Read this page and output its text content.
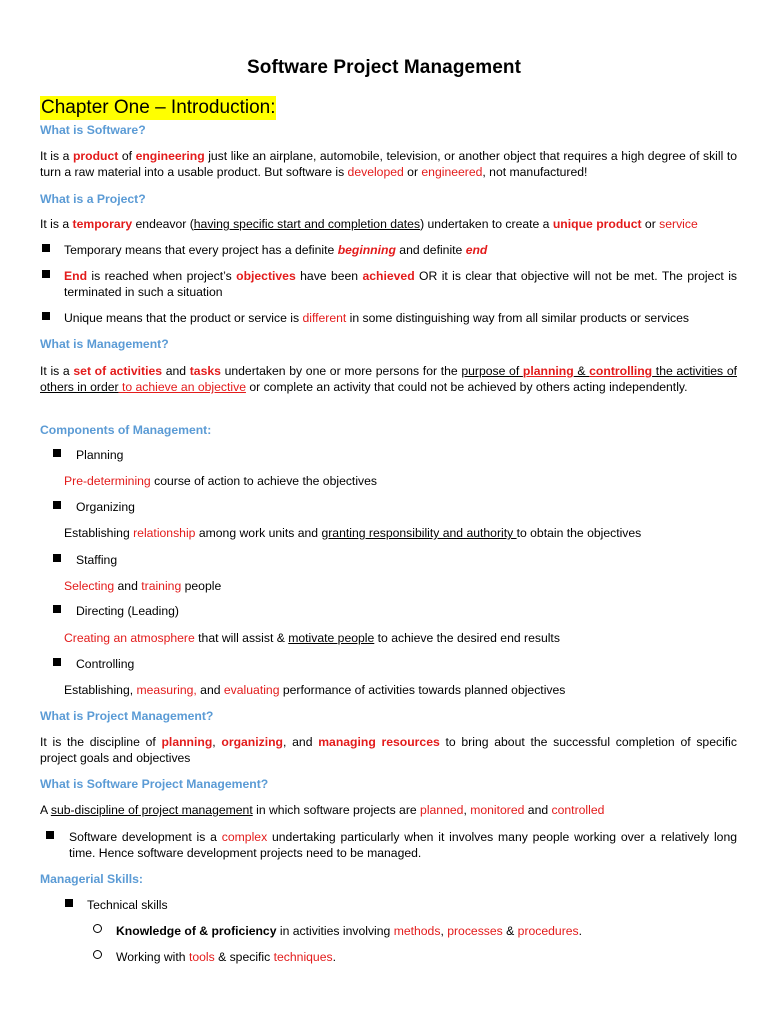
Software Project Management
Chapter One – Introduction:
What is Software?
It is a product of engineering just like an airplane, automobile, television, or another object that requires a high degree of skill to turn a raw material into a usable product. But software is developed or engineered, not manufactured!
What is a Project?
It is a temporary endeavor (having specific start and completion dates) undertaken to create a unique product or service
Temporary means that every project has a definite beginning and definite end
End is reached when project’s objectives have been achieved OR it is clear that objective will not be met. The project is terminated in such a situation
Unique means that the product or service is different in some distinguishing way from all similar products or services
What is Management?
It is a set of activities and tasks undertaken by one or more persons for the purpose of planning & controlling the activities of others in order to achieve an objective or complete an activity that could not be achieved by others acting independently.
Components of Management:
Planning
Pre-determining course of action to achieve the objectives
Organizing
Establishing relationship among work units and granting responsibility and authority to obtain the objectives
Staffing
Selecting and training people
Directing (Leading)
Creating an atmosphere that will assist & motivate people to achieve the desired end results
Controlling
Establishing, measuring, and evaluating performance of activities towards planned objectives
What is Project Management?
It is the discipline of planning, organizing, and managing resources to bring about the successful completion of specific project goals and objectives
What is Software Project Management?
A sub-discipline of project management in which software projects are planned, monitored and controlled
Software development is a complex undertaking particularly when it involves many people working over a relatively long time. Hence software development projects need to be managed.
Managerial Skills:
Technical skills
Knowledge of & proficiency in activities involving methods, processes & procedures.
Working with tools & specific techniques.
